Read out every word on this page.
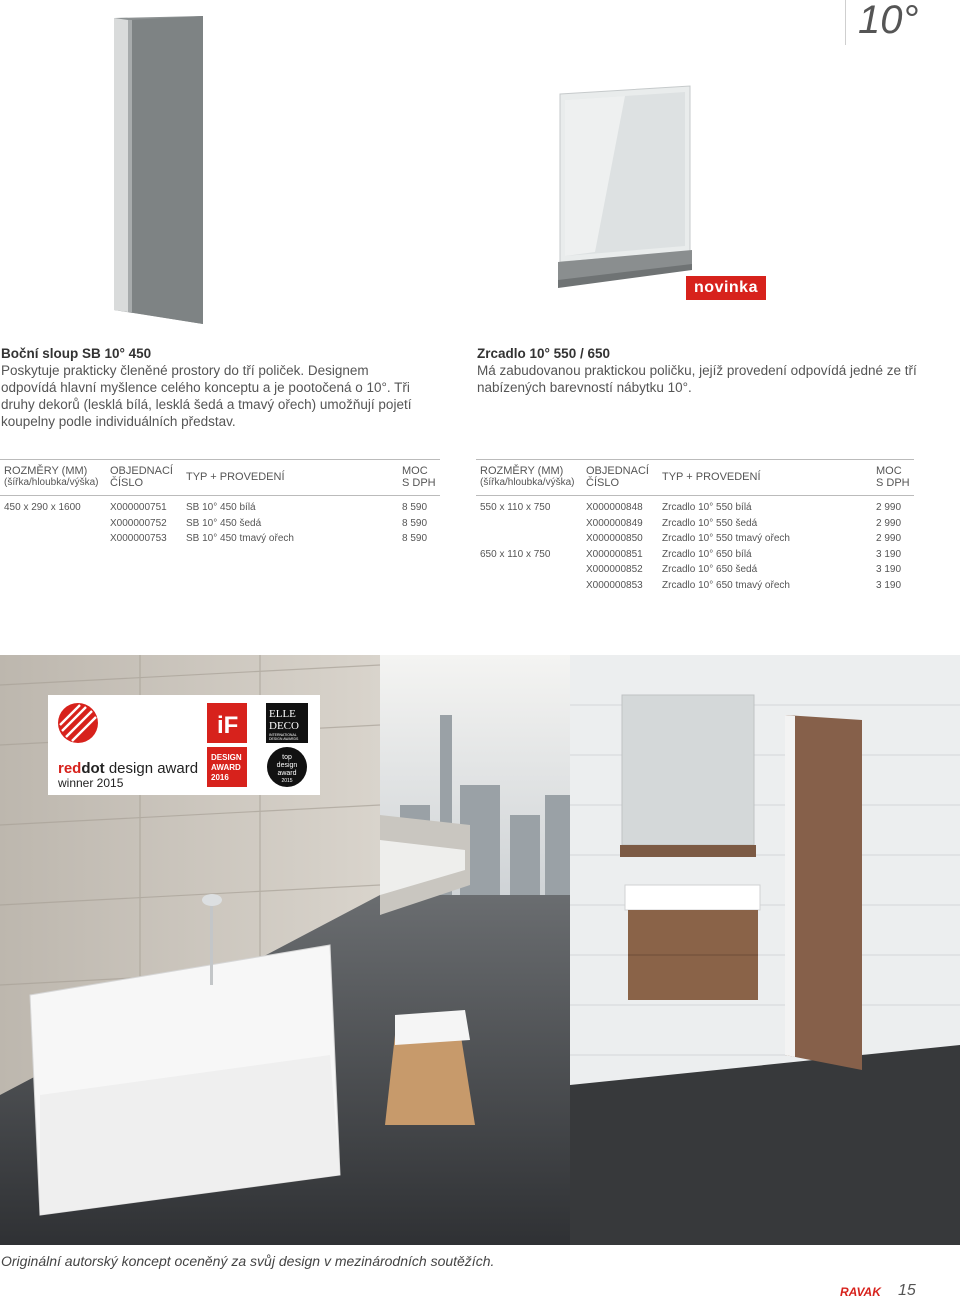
10°
novinka
Boční sloup SB 10° 450

Poskytuje prakticky členěné prostory do tří poliček. Designem odpovídá hlavní myšlence celého konceptu a je pootočená o 10°. Tři druhy dekorů (lesklá bílá, lesklá šedá a tmavý ořech) umožňují pojetí koupelny podle individuálních představ.

Zrcadlo 10° 550 / 650

Má zabudovanou praktickou poličku, jejíž provedení odpovídá jedné ze tří nabízených barevností nábytku 10°.

ROZMĚRY (MM)
(šířka/hloubka/výška)	OBJEDNACÍ
ČÍSLO	TYP + PROVEDENÍ	MOC
S DPH
450 x 290 x 1600	X000000751	SB 10° 450 bílá	8 590
	X000000752	SB 10° 450 šedá	8 590
	X000000753	SB 10° 450 tmavý ořech	8 590
ROZMĚRY (MM)
(šířka/hloubka/výška)	OBJEDNACÍ
ČÍSLO	TYP + PROVEDENÍ	MOC
S DPH
550 x 110 x 750	X000000848	Zrcadlo 10° 550 bílá	2 990
	X000000849	Zrcadlo 10° 550 šedá	2 990
	X000000850	Zrcadlo 10° 550 tmavý ořech	2 990
650 x 110 x 750	X000000851	Zrcadlo 10° 650 bílá	3 190
	X000000852	Zrcadlo 10° 650 šedá	3 190
	X000000853	Zrcadlo 10° 650 tmavý ořech	3 190
reddot design award
winner 2015
iF
DESIGN
AWARD
2016
ELLE
DECO
INTERNATIONAL
DESIGN AWARDS
top
design
award
2015
Originální autorský koncept oceněný za svůj design v mezinárodních soutěžích.
RAVAK 15
